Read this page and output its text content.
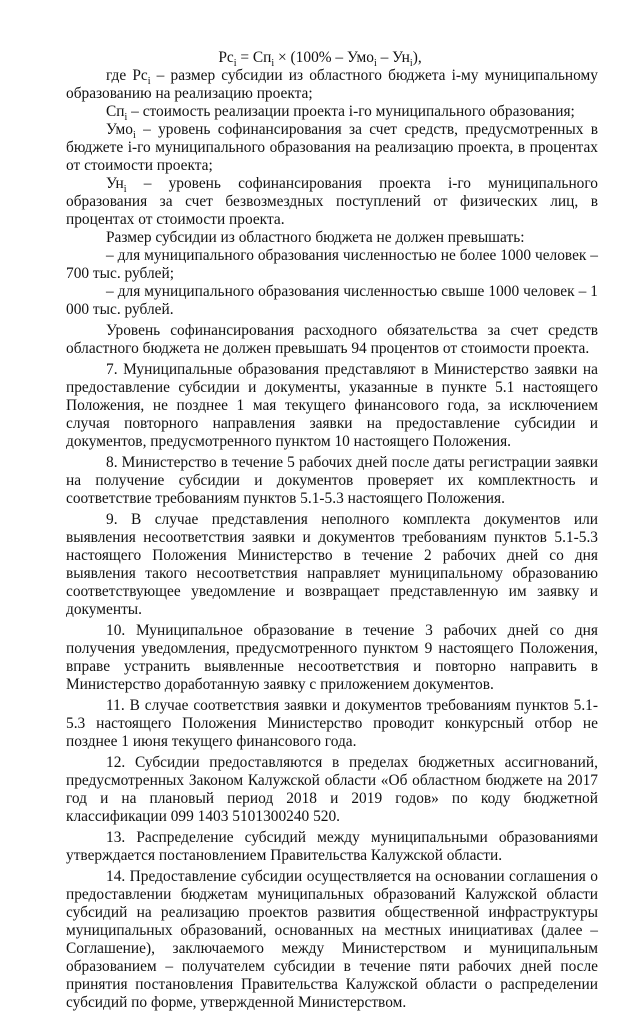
$Рс_i = Сп_i \times (100\% - Умо_i - Ун_i)$,

где $Рс_i$ – размер субсидии из областного бюджета i-му муниципальному образованию на реализацию проекта;

$Сп_i$ – стоимость реализации проекта i-го муниципального образования;

Умо$_i$ – уровень софинансирования за счет средств, предусмотренных в бюджете i-го муниципального образования на реализацию проекта, в процентах от стоимости проекта;

$Ун_i$ – уровень софинансирования проекта i-го муниципального образования за счет безвозмездных поступлений от физических лиц, в процентах от стоимости проекта.

Размер субсидии из областного бюджета не должен превышать:

– для муниципального образования численностью не более 1000 человек – 700 тыс. рублей;

– для муниципального образования численностью свыше 1000 человек – 1 000 тыс. рублей.

Уровень софинансирования расходного обязательства за счет средств областного бюджета не должен превышать 94 процентов от стоимости проекта.

7. Муниципальные образования представляют в Министерство заявки на предоставление субсидии и документы, указанные в пункте 5.1 настоящего Положения, не позднее 1 мая текущего финансового года, за исключением случая повторного направления заявки на предоставление субсидии и документов, предусмотренного пунктом 10 настоящего Положения.

8. Министерство в течение 5 рабочих дней после даты регистрации заявки на получение субсидии и документов проверяет их комплектность и соответствие требованиям пунктов 5.1-5.3 настоящего Положения.

9. В случае представления неполного комплекта документов или выявления несоответствия заявки и документов требованиям пунктов 5.1-5.3 настоящего Положения Министерство в течение 2 рабочих дней со дня выявления такого несоответствия направляет муниципальному образованию соответствующее уведомление и возвращает представленную им заявку и документы.

10. Муниципальное образование в течение 3 рабочих дней со дня получения уведомления, предусмотренного пунктом 9 настоящего Положения, вправе устранить выявленные несоответствия и повторно направить в Министерство доработанную заявку с приложением документов.

11. В случае соответствия заявки и документов требованиям пунктов 5.1-5.3 настоящего Положения Министерство проводит конкурсный отбор не позднее 1 июня текущего финансового года.

12. Субсидии предоставляются в пределах бюджетных ассигнований, предусмотренных Законом Калужской области «Об областном бюджете на 2017 год и на плановый период 2018 и 2019 годов» по коду бюджетной классификации 099 1403 5101300240 520.

13. Распределение субсидий между муниципальными образованиями утверждается постановлением Правительства Калужской области.

14. Предоставление субсидии осуществляется на основании соглашения о предоставлении бюджетам муниципальных образований Калужской области субсидий на реализацию проектов развития общественной инфраструктуры муниципальных образований, основанных на местных инициативах (далее – Соглашение), заключаемого между Министерством и муниципальным образованием – получателем субсидии в течение пяти рабочих дней после принятия постановления Правительства Калужской области о распределении субсидий по форме, утвержденной Министерством.
